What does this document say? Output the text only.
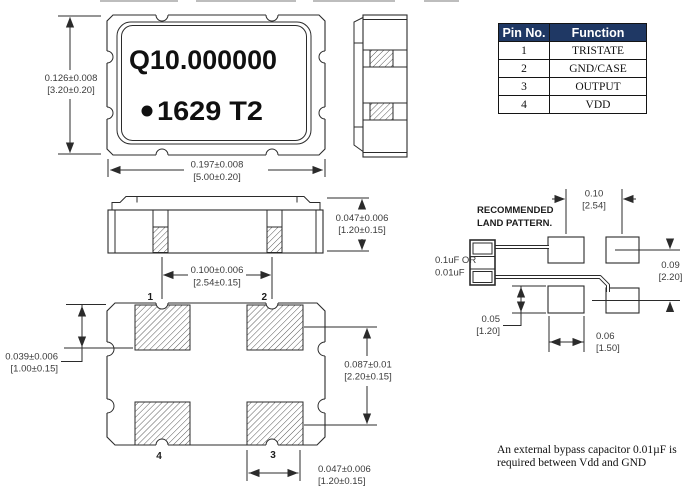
Q10.000000
1629 T2
0.126±0.008
[3.20±0.20]
0.197±0.008
[5.00±0.20]
0.047±0.006
[1.20±0.15]
1	2
4	3
0.100±0.006
[2.54±0.15]
0.039±0.006
[1.00±0.15]	0.087±0.01
[2.20±0.15]
0.047±0.006
[1.20±0.15]
RECOMMENDED
LAND PATTERN.
0.1uF OR
0.01uF
0.10
[2.54]
0.09
[2.20]
0.05
[1.20]	0.06
[1.50]
An external bypass capacitor 0.01µF is
required between Vdd and GND
Pin No.	Function
1	TRISTATE
2	GND/CASE
3	OUTPUT
4	VDD
